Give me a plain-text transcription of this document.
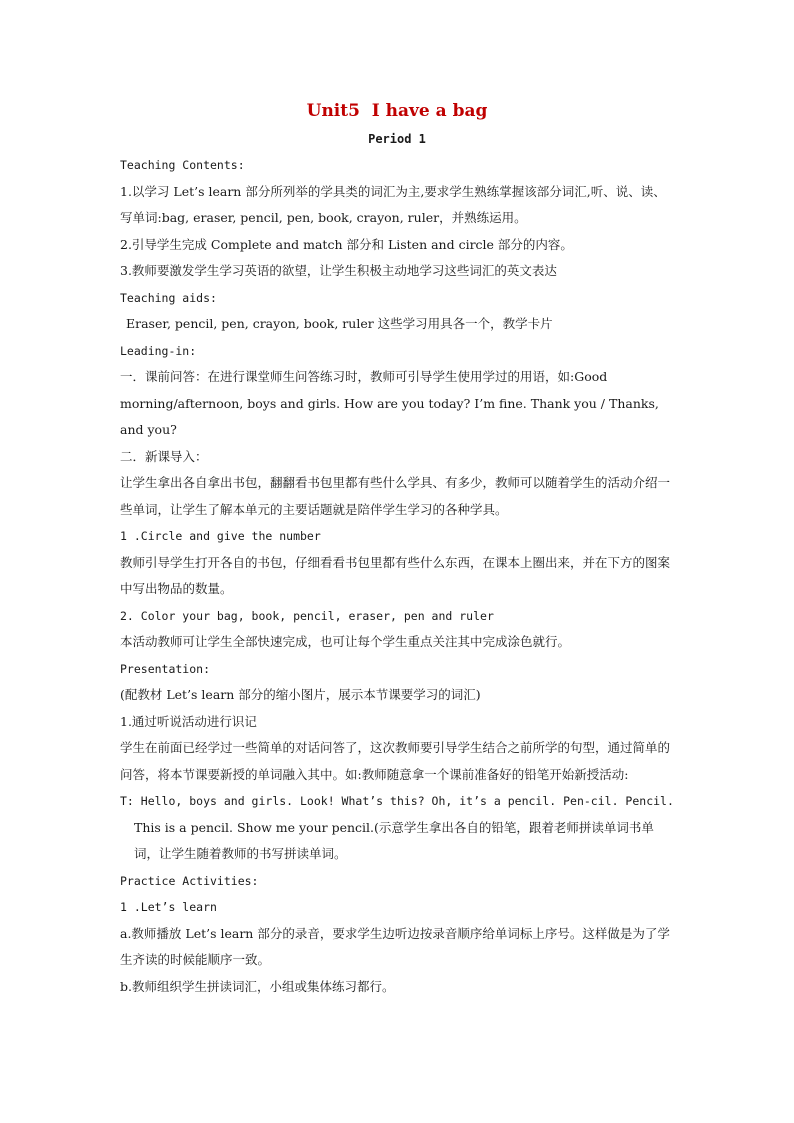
Unit5  I have a bag
Period 1

Teaching Contents:

1.以学习 Let’s learn 部分所列举的学具类的词汇为主,要求学生熟练掌握该部分词汇,听、说、读、写单词:bag, eraser, pencil, pen, book, crayon, ruler，并熟练运用。

2.引导学生完成 Complete and match 部分和 Listen and circle 部分的内容。

3.教师要激发学生学习英语的欲望，让学生积极主动地学习这些词汇的英文表达

Teaching aids:

Eraser, pencil, pen, crayon, book, ruler 这些学习用具各一个，教学卡片

Leading-in:

一．课前问答：在进行课堂师生问答练习时，教师可引导学生使用学过的用语，如:Good morning/afternoon, boys and girls. How are you today? I’m fine. Thank you / Thanks, and you?

二．新课导入：

让学生拿出各自拿出书包，翻翻看书包里都有些什么学具、有多少，教师可以随着学生的活动介绍一些单词，让学生了解本单元的主要话题就是陪伴学生学习的各种学具。

1 .Circle and give the number

教师引导学生打开各自的书包，仔细看看书包里都有些什么东西，在课本上圈出来，并在下方的图案中写出物品的数量。

2. Color your bag, book, pencil, eraser, pen and ruler

本活动教师可让学生全部快速完成，也可让每个学生重点关注其中完成涂色就行。

Presentation:

(配教材 Let’s learn 部分的缩小图片，展示本节课要学习的词汇)

1.通过听说活动进行识记

学生在前面已经学过一些简单的对话问答了，这次教师要引导学生结合之前所学的句型，通过简单的问答，将本节课要新授的单词融入其中。如:教师随意拿一个课前准备好的铅笔开始新授活动:

T: Hello, boys and girls. Look! What’s this? Oh, it’s a pencil. Pen-cil. Pencil.

This is a pencil. Show me your pencil.(示意学生拿出各自的铅笔，跟着老师拼读单词书单词，让学生随着教师的书写拼读单词。

Practice Activities:

1 .Let’s learn

a.教师播放 Let’s learn 部分的录音，要求学生边听边按录音顺序给单词标上序号。这样做是为了学生齐读的时候能顺序一致。

b.教师组织学生拼读词汇，小组或集体练习都行。
